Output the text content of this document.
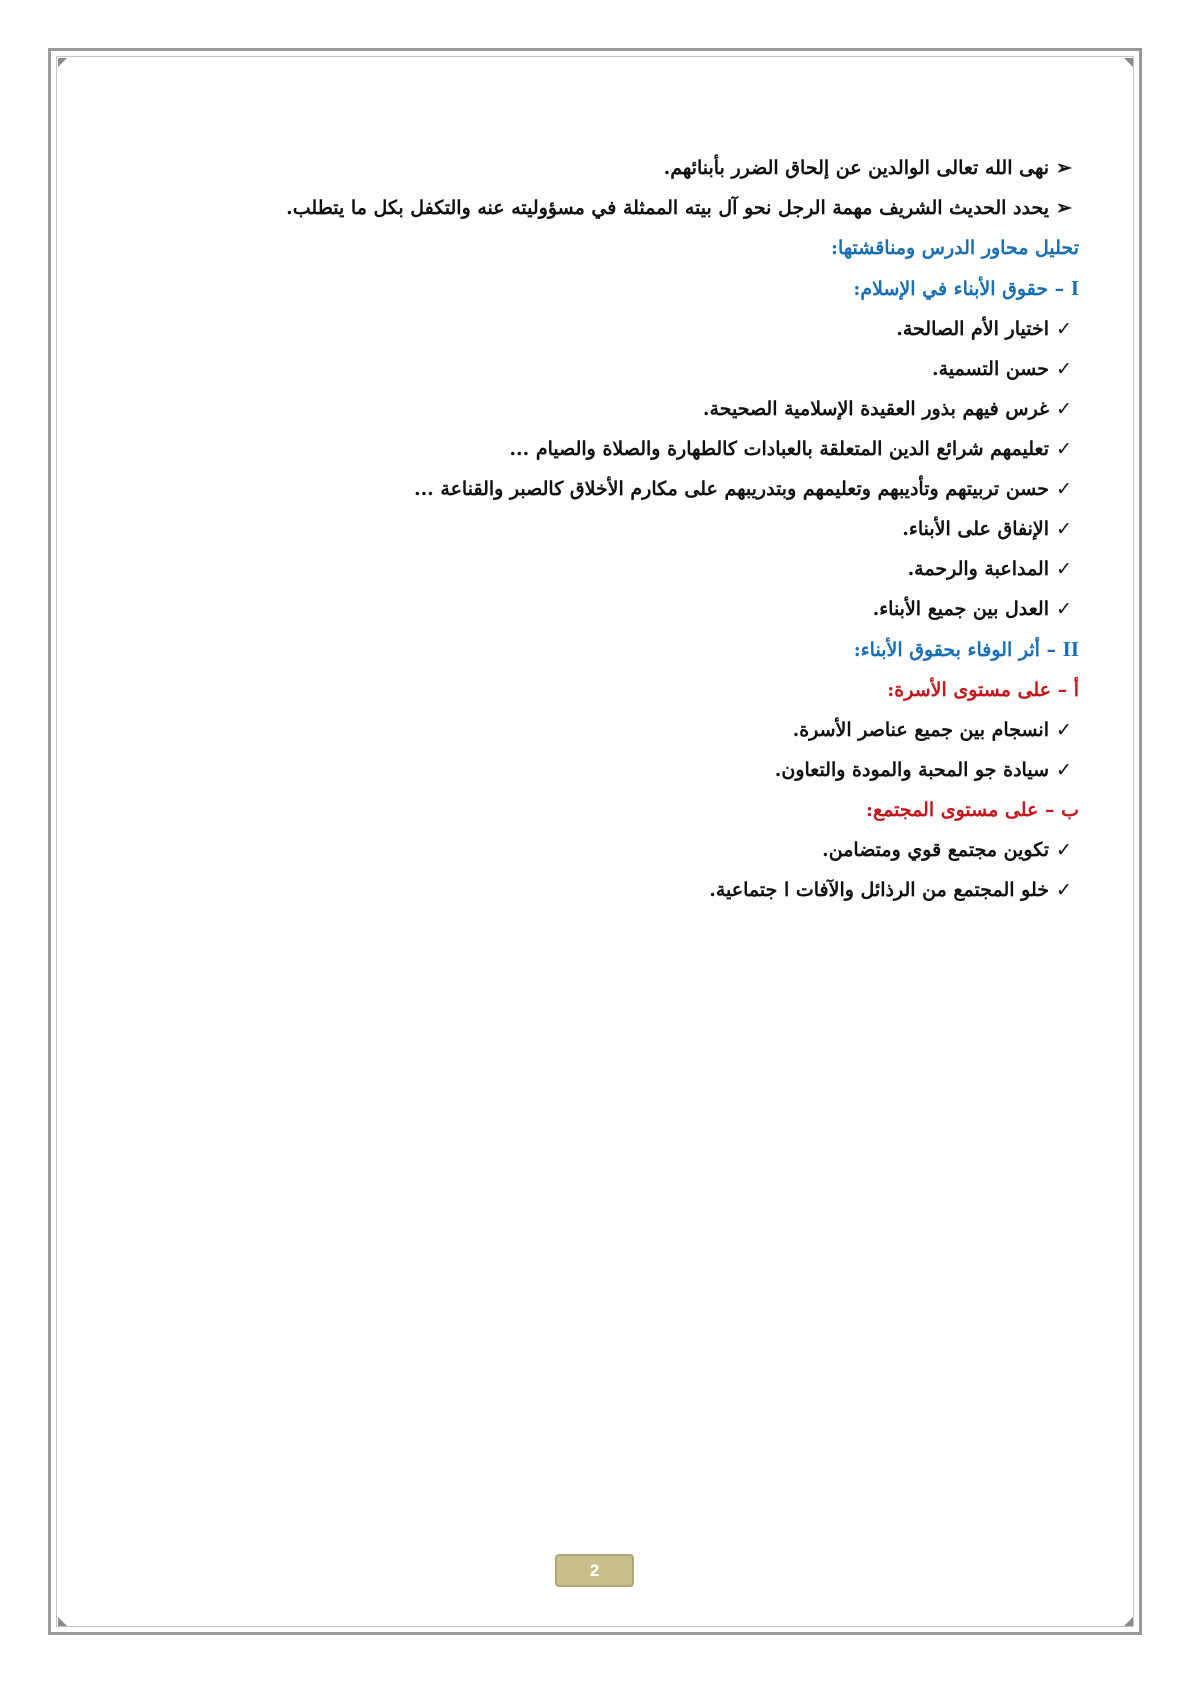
➢نهى الله تعالى الوالدين عن إلحاق الضرر بأبنائهم.
➢يحدد الحديث الشريف مهمة الرجل نحو آل بيته الممثلة في مسؤوليته عنه والتكفل بكل ما يتطلب.
تحليل محاور الدرس ومناقشتها:
I – حقوق الأبناء في الإسلام:
✓اختيار الأم الصالحة.
✓حسن التسمية.
✓غرس فيهم بذور العقيدة الإسلامية الصحيحة.
✓تعليمهم شرائع الدين المتعلقة بالعبادات كالطهارة والصلاة والصيام ...
✓حسن تربيتهم وتأديبهم وتعليمهم وبتدريبهم على مكارم الأخلاق كالصبر والقناعة ...
✓الإنفاق على الأبناء.
✓المداعبة والرحمة.
✓العدل بين جميع الأبناء.
II – أثر الوفاء بحقوق الأبناء:
أ – على مستوى الأسرة:
✓انسجام بين جميع عناصر الأسرة.
✓سيادة جو المحبة والمودة والتعاون.
ب – على مستوى المجتمع:
✓تكوين مجتمع قوي ومتضامن.
✓خلو المجتمع من الرذائل والآفات ا جتماعية.
2
